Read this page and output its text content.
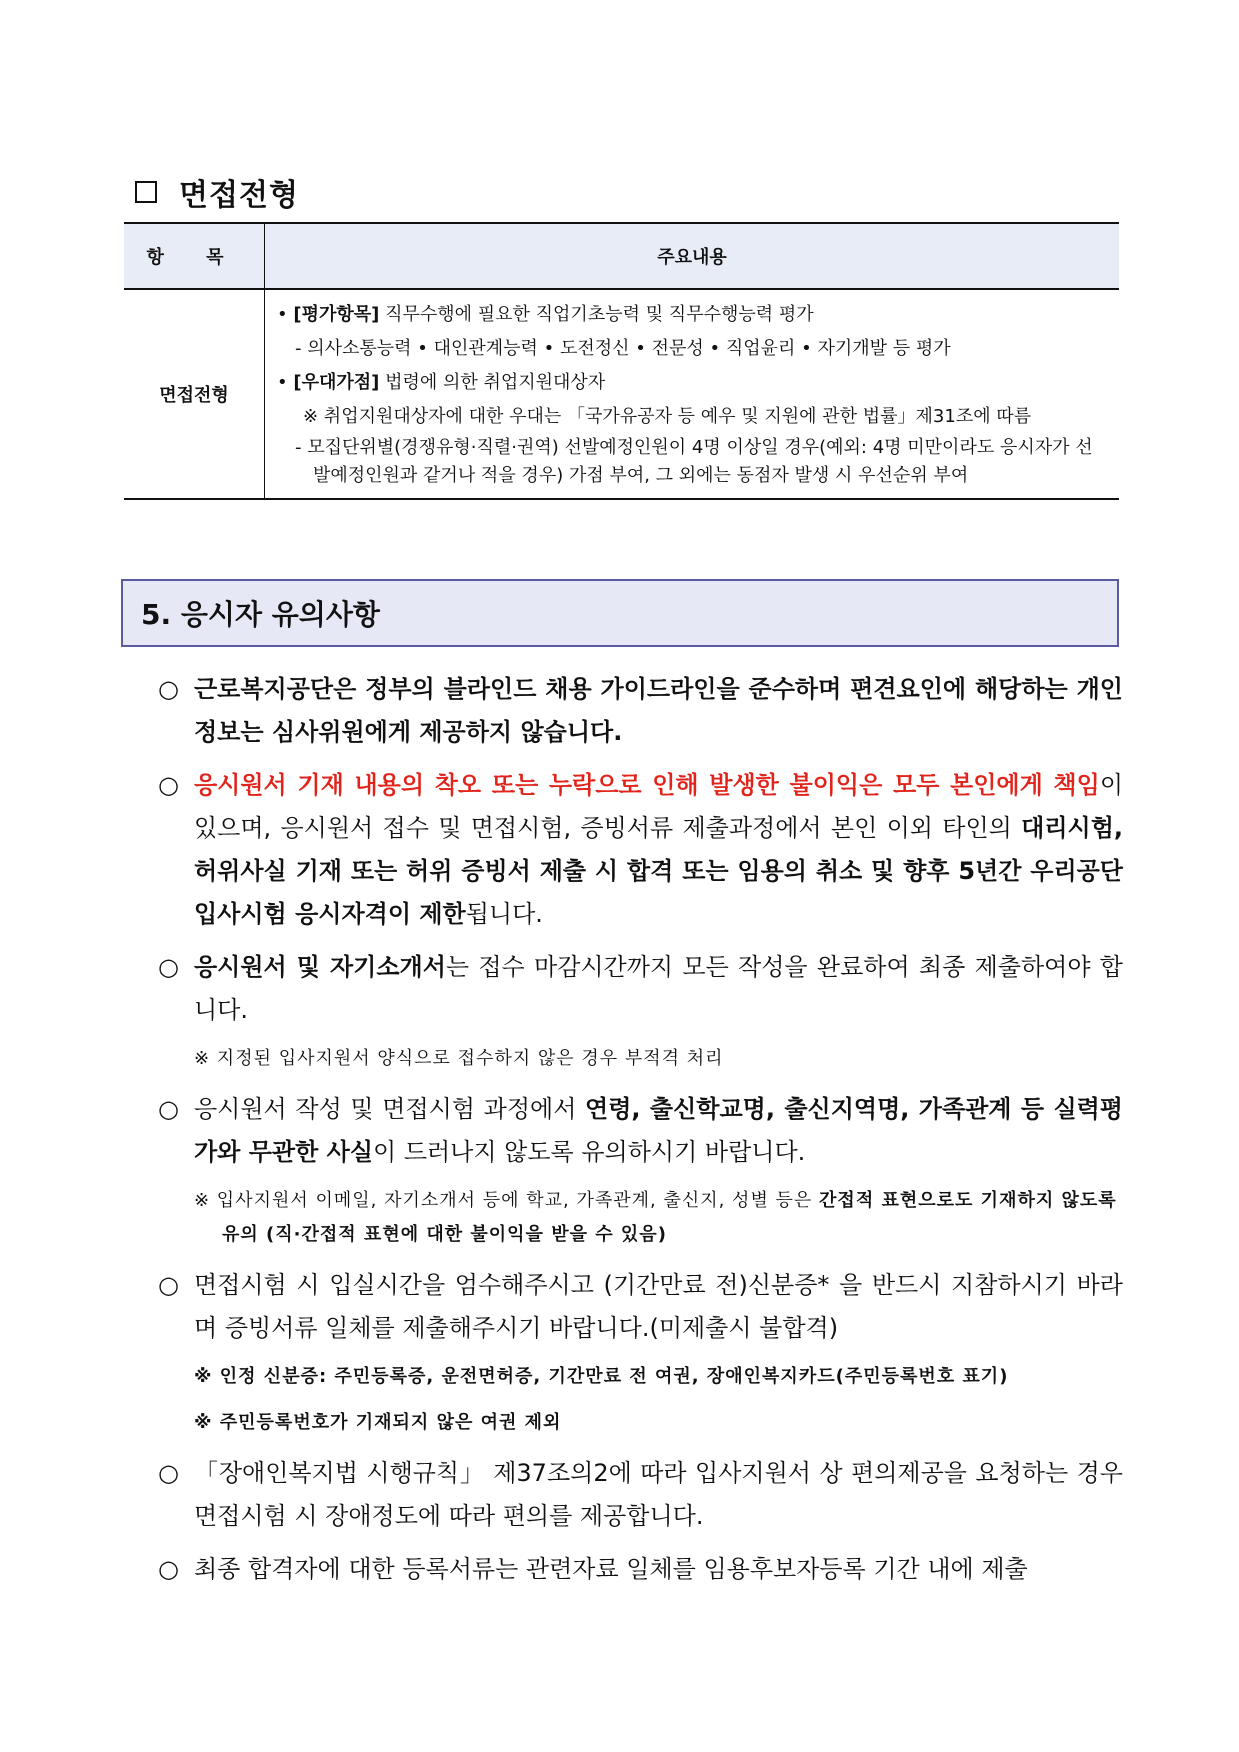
면접전형
항 목	주요내용
면접전형	• [평가항목] 직무수행에 필요한 직업기초능력 및 직무수행능력 평가
- 의사소통능력 • 대인관계능력 • 도전정신 • 전문성 • 직업윤리 • 자기개발 등 평가
• [우대가점] 법령에 의한 취업지원대상자
※ 취업지원대상자에 대한 우대는 「국가유공자 등 예우 및 지원에 관한 법률」제31조에 따름
- 모집단위별(경쟁유형·직렬·권역) 선발예정인원이 4명 이상일 경우(예외: 4명 미만이라도 응시자가 선발예정인원과 같거나 적을 경우) 가점 부여, 그 외에는 동점자 발생 시 우선순위 부여
5. 응시자 유의사항
○ 근로복지공단은 정부의 블라인드 채용 가이드라인을 준수하며 편견요인에 해당하는 개인정보는 심사위원에게 제공하지 않습니다.
○ 응시원서 기재 내용의 착오 또는 누락으로 인해 발생한 불이익은 모두 본인에게 책임이 있으며, 응시원서 접수 및 면접시험, 증빙서류 제출과정에서 본인 이외 타인의 대리시험, 허위사실 기재 또는 허위 증빙서 제출 시 합격 또는 임용의 취소 및 향후 5년간 우리공단 입사시험 응시자격이 제한됩니다.
○ 응시원서 및 자기소개서는 접수 마감시간까지 모든 작성을 완료하여 최종 제출하여야 합니다.
※ 지정된 입사지원서 양식으로 접수하지 않은 경우 부적격 처리
○ 응시원서 작성 및 면접시험 과정에서 연령, 출신학교명, 출신지역명, 가족관계 등 실력평가와 무관한 사실이 드러나지 않도록 유의하시기 바랍니다.
※ 입사지원서 이메일, 자기소개서 등에 학교, 가족관계, 출신지, 성별 등은 간접적 표현으로도 기재하지 않도록 유의 (직·간접적 표현에 대한 불이익을 받을 수 있음)
○ 면접시험 시 입실시간을 엄수해주시고 (기간만료 전)신분증* 을 반드시 지참하시기 바라며 증빙서류 일체를 제출해주시기 바랍니다.(미제출시 불합격)
※ 인정 신분증: 주민등록증, 운전면허증, 기간만료 전 여권, 장애인복지카드(주민등록번호 표기)
※ 주민등록번호가 기재되지 않은 여권 제외
○ 「장애인복지법 시행규칙」 제37조의2에 따라 입사지원서 상 편의제공을 요청하는 경우 면접시험 시 장애정도에 따라 편의를 제공합니다.
○ 최종 합격자에 대한 등록서류는 관련자료 일체를 임용후보자등록 기간 내에 제출
